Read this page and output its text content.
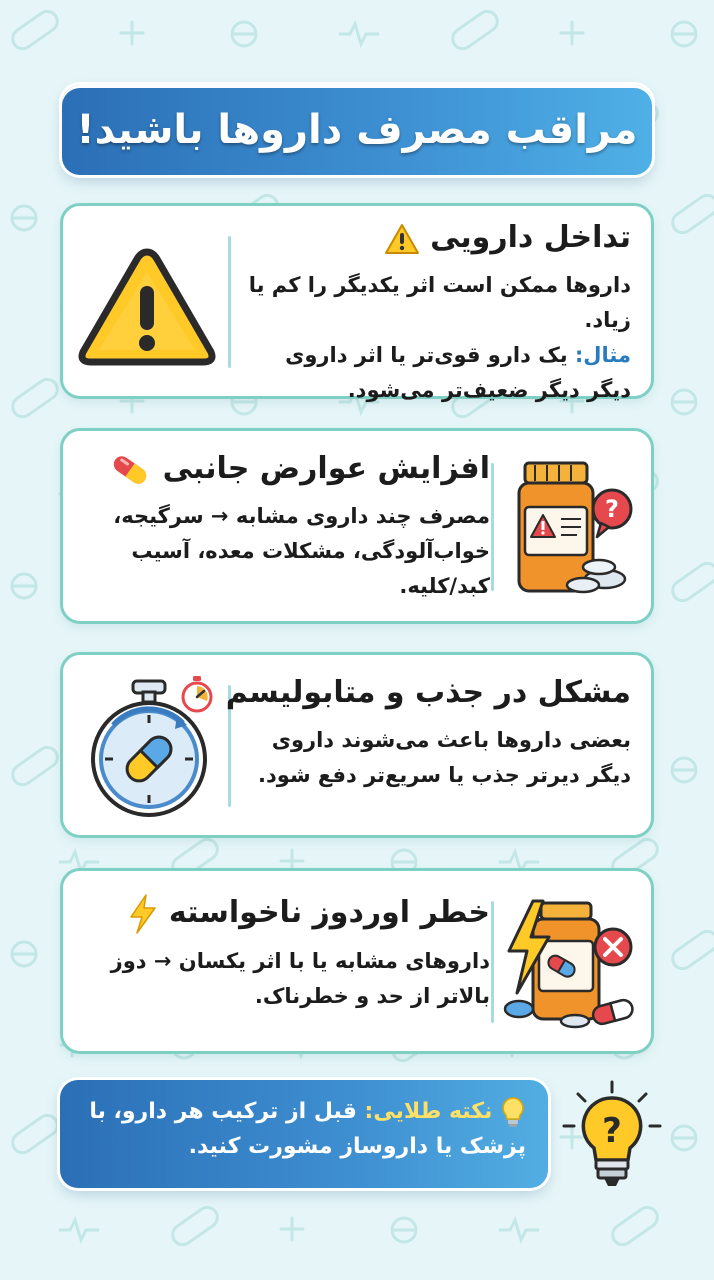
مراقب مصرف داروها باشید!
تداخل دارویی
داروها ممکن است اثر یکدیگر را کم یا زیاد.
مثال: یک دارو قوی‌تر یا اثر داروی دیگر دیگر ضعیف‌تر می‌شود.
افزایش عوارض جانبی
مصرف چند داروی مشابه → سرگیجه، خواب‌آلودگی، مشکلات معده، آسیب کبد/کلیه.
?
مشکل در جذب و متابولیسم
بعضی داروها باعث می‌شوند داروی دیگر دیرتر جذب یا سریع‌تر دفع شود.
خطر اوردوز ناخواسته
داروهای مشابه یا با اثر یکسان → دوز بالاتر از حد و خطرناک.
نکته طلایی: قبل از ترکیب هر دارو، با پزشک یا داروساز مشورت کنید. ?
